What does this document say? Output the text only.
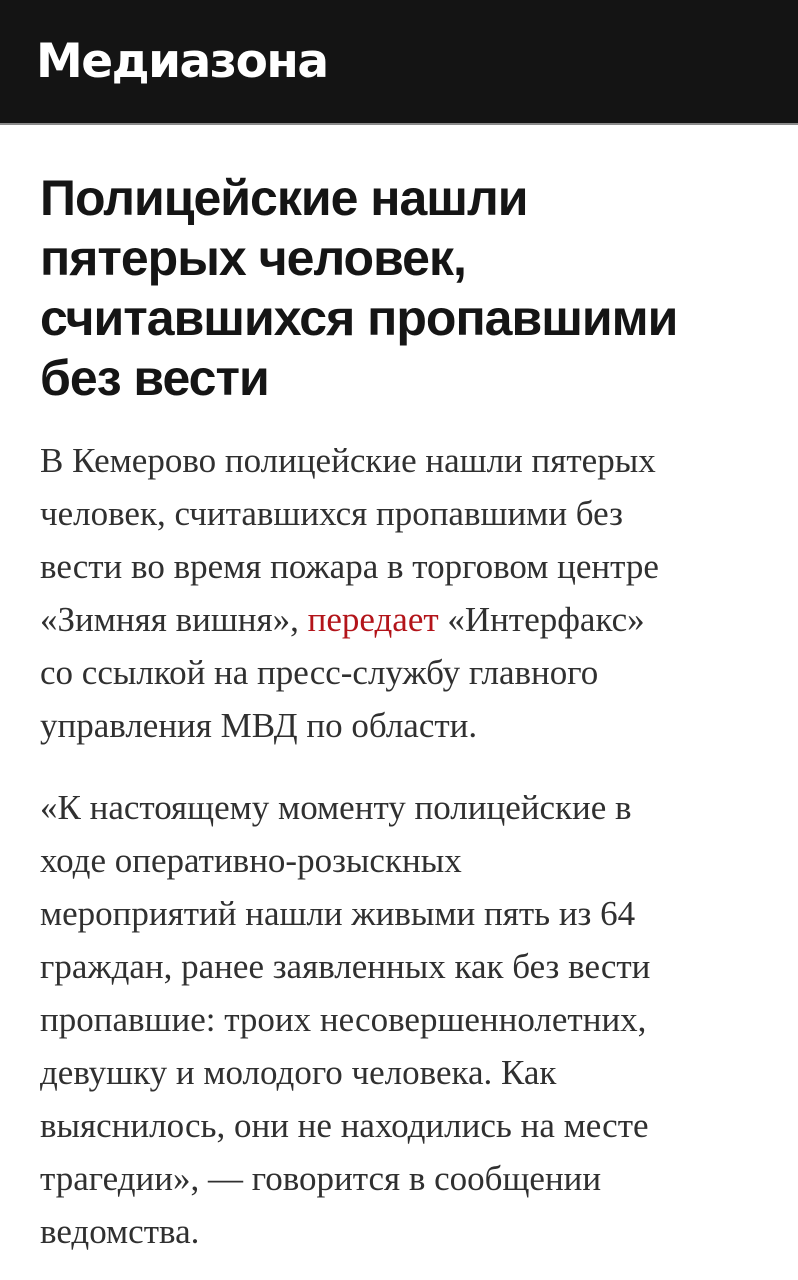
Медиазона
Полицейские нашли
пятерых человек,
считавшихся пропавшими
без вести

В Кемерово полицейские нашли пятерых
человек, считавшихся пропавшими без
вести во время пожара в торговом центре
«Зимняя вишня», передает «Интерфакс»
со ссылкой на пресс-службу главного
управления МВД по области.

«К настоящему моменту полицейские в
ходе оперативно-розыскных
мероприятий нашли живыми пять из 64
граждан, ранее заявленных как без вести
пропавшие: троих несовершеннолетних,
девушку и молодого человека. Как
выяснилось, они не находились на месте
трагедии», — говорится в сообщении
ведомства.
